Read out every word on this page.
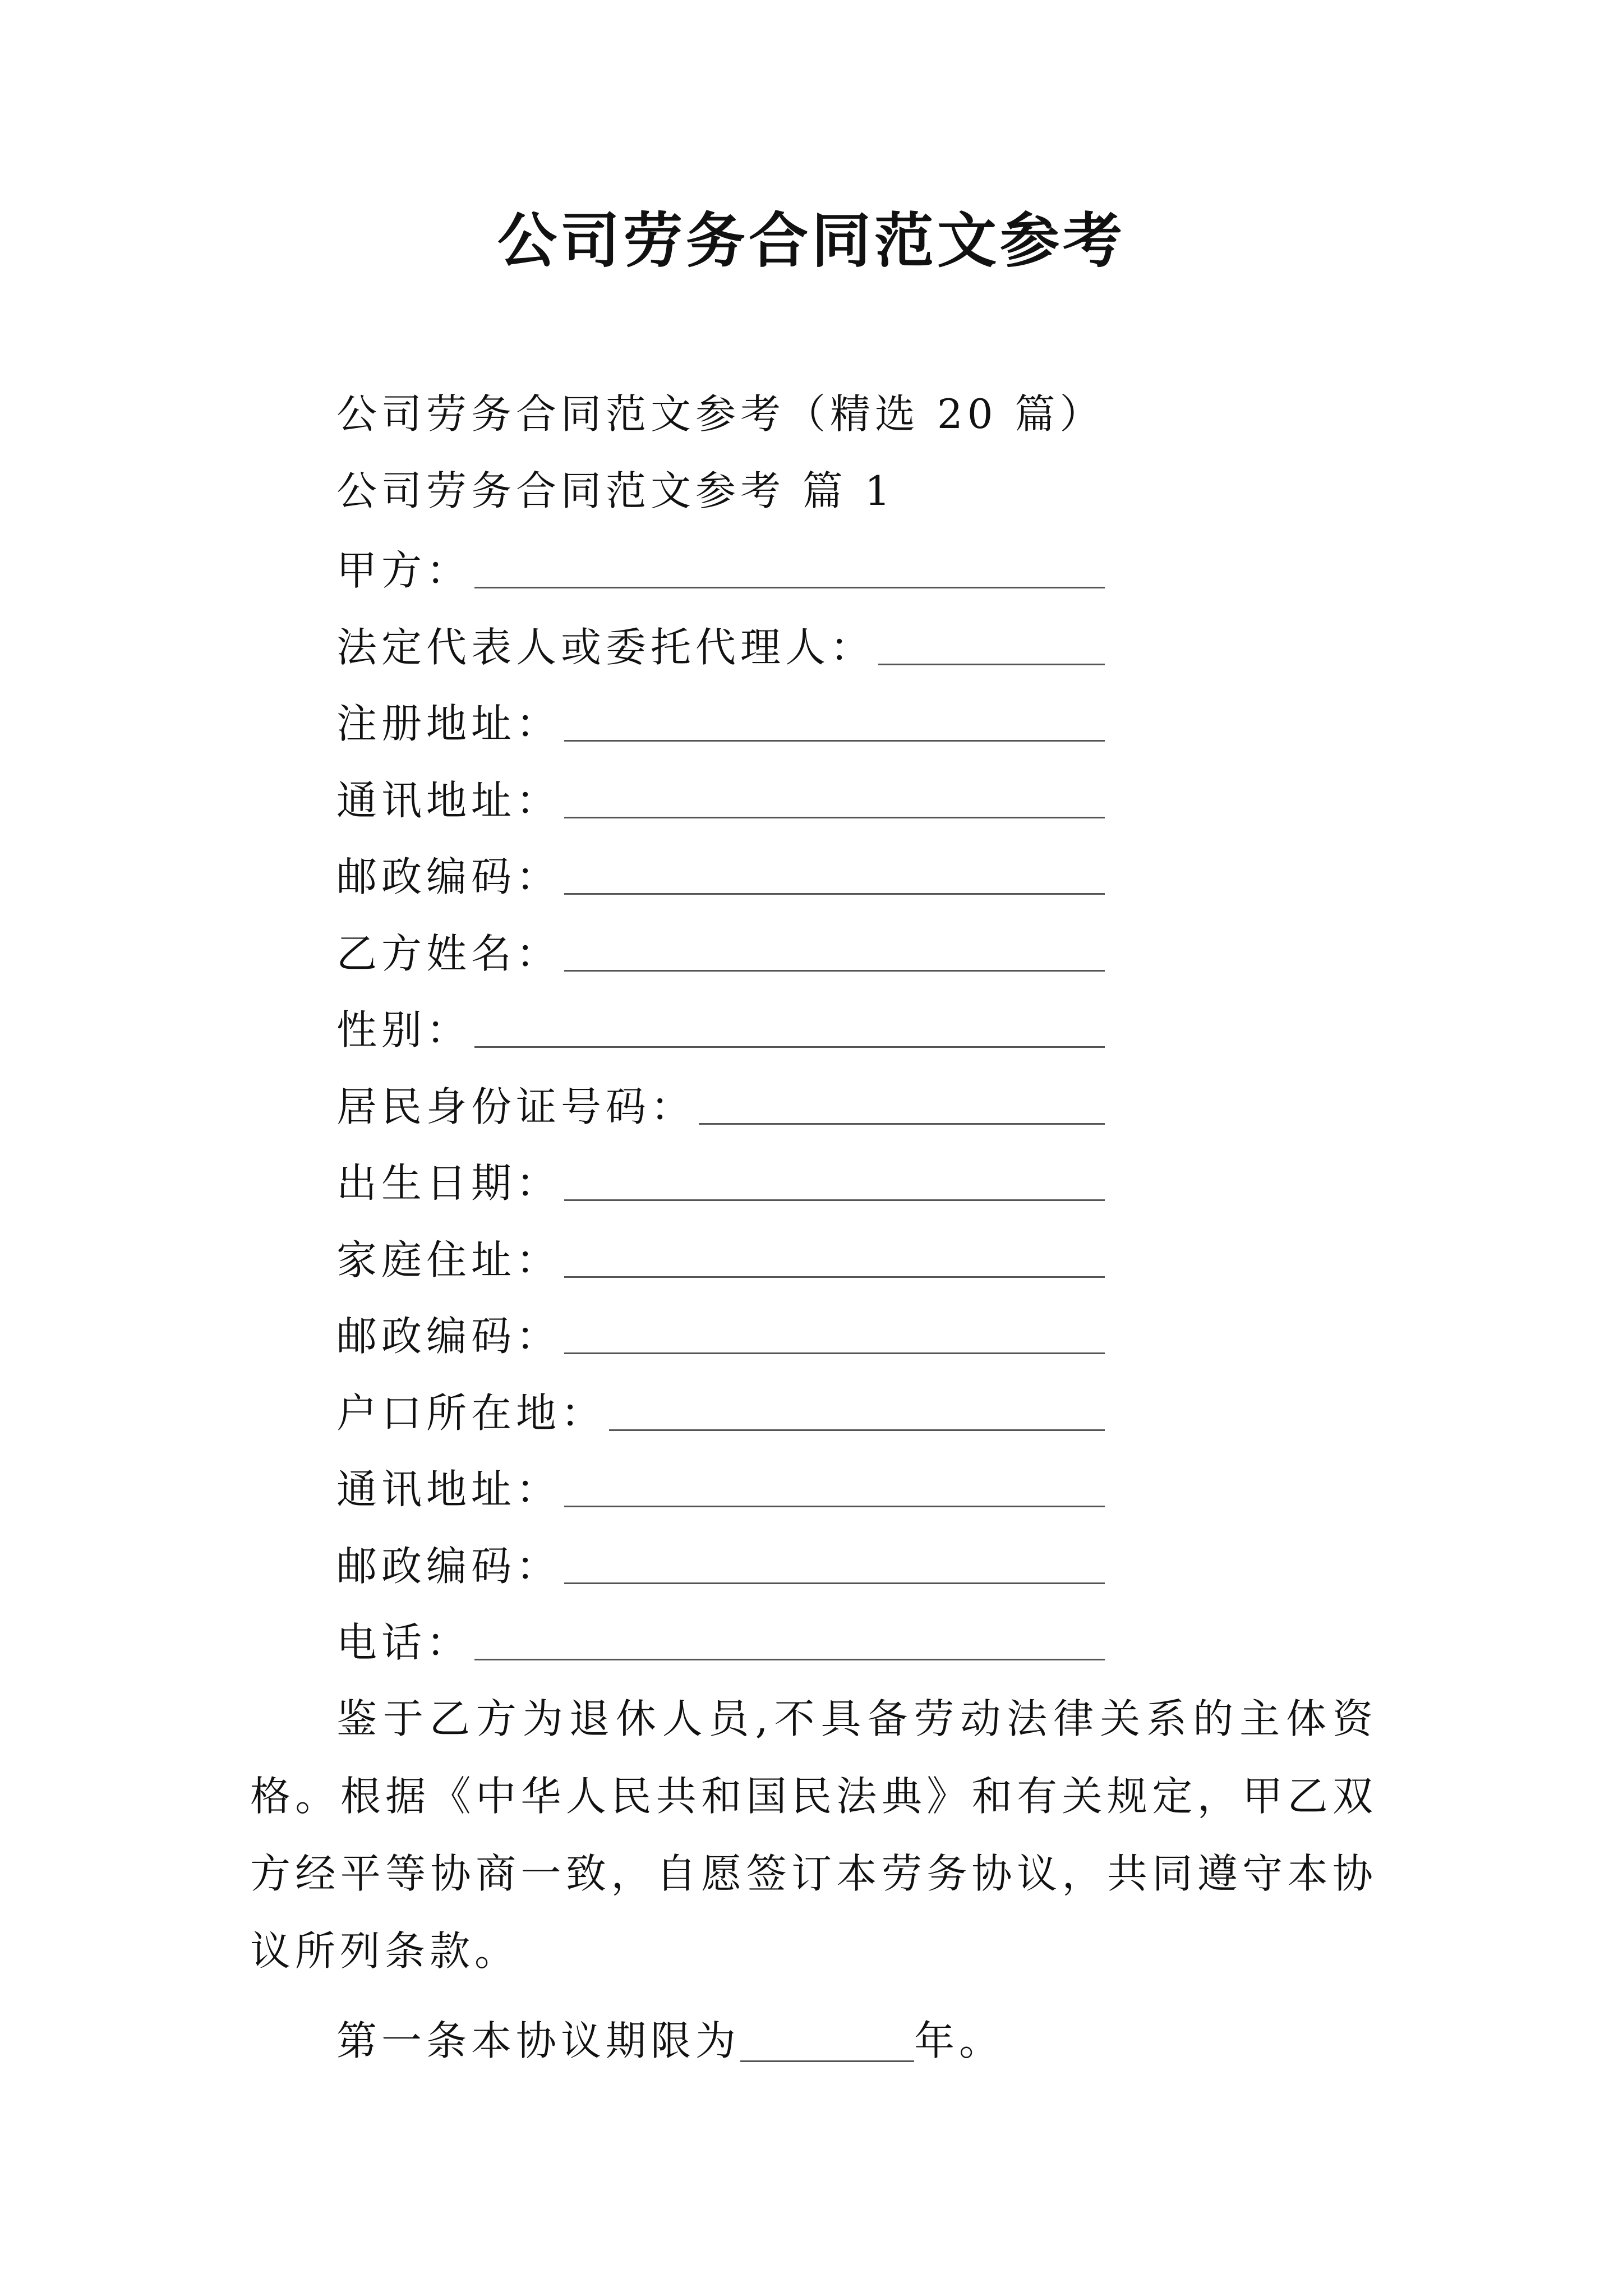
公司劳务合同范文参考
公司劳务合同范文参考（精选 20 篇）
公司劳务合同范文参考 篇 1
甲方：
法定代表人或委托代理人：
注册地址：
通讯地址：
邮政编码：
乙方姓名：
性别：
居民身份证号码：
出生日期：
家庭住址：
邮政编码：
户口所在地：
通讯地址：
邮政编码：
电话：
鉴于乙方为退休人员,不具备劳动法律关系的主体资格。根据《中华人民共和国民法典》和有关规定，甲乙双方经平等协商一致，自愿签订本劳务协议，共同遵守本协议所列条款。
第一条本协议期限为	年。
